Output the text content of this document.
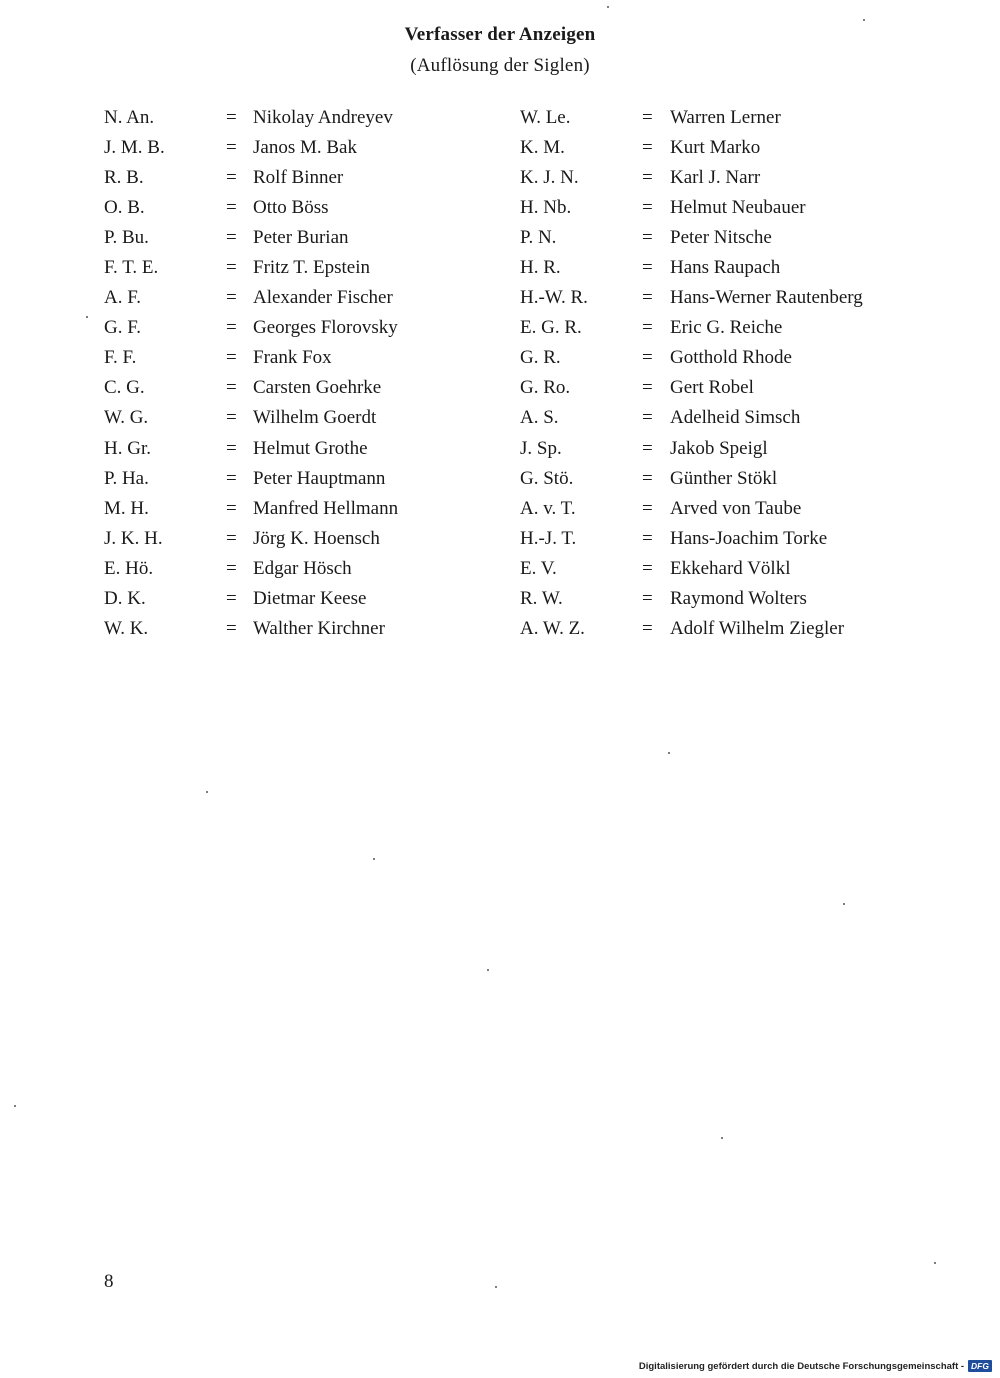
Verfasser der Anzeigen
(Auflösung der Siglen)
N. An.	= Nikolay Andreyev
J. M. B.	= Janos M. Bak
R. B.	= Rolf Binner
O. B.	= Otto Böss
P. Bu.	= Peter Burian
F. T. E.	= Fritz T. Epstein
A. F.	= Alexander Fischer
G. F.	= Georges Florovsky
F. F.	= Frank Fox
C. G.	= Carsten Goehrke
W. G.	= Wilhelm Goerdt
H. Gr.	= Helmut Grothe
P. Ha.	= Peter Hauptmann
M. H.	= Manfred Hellmann
J. K. H.	= Jörg K. Hoensch
E. Hö.	= Edgar Hösch
D. K.	= Dietmar Keese
W. K.	= Walther Kirchner
W. Le.	= Warren Lerner
K. M.	= Kurt Marko
K. J. N.	= Karl J. Narr
H. Nb.	= Helmut Neubauer
P. N.	= Peter Nitsche
H. R.	= Hans Raupach
H.-W. R.	= Hans-Werner Rautenberg
E. G. R.	= Eric G. Reiche
G. R.	= Gotthold Rhode
G. Ro.	= Gert Robel
A. S.	= Adelheid Simsch
J. Sp.	= Jakob Speigl
G. Stö.	= Günther Stökl
A. v. T.	= Arved von Taube
H.-J. T.	= Hans-Joachim Torke
E. V.	= Ekkehard Völkl
R. W.	= Raymond Wolters
A. W. Z.	= Adolf Wilhelm Ziegler
8
Digitalisierung gefördert durch die Deutsche Forschungsgemeinschaft - DFG
